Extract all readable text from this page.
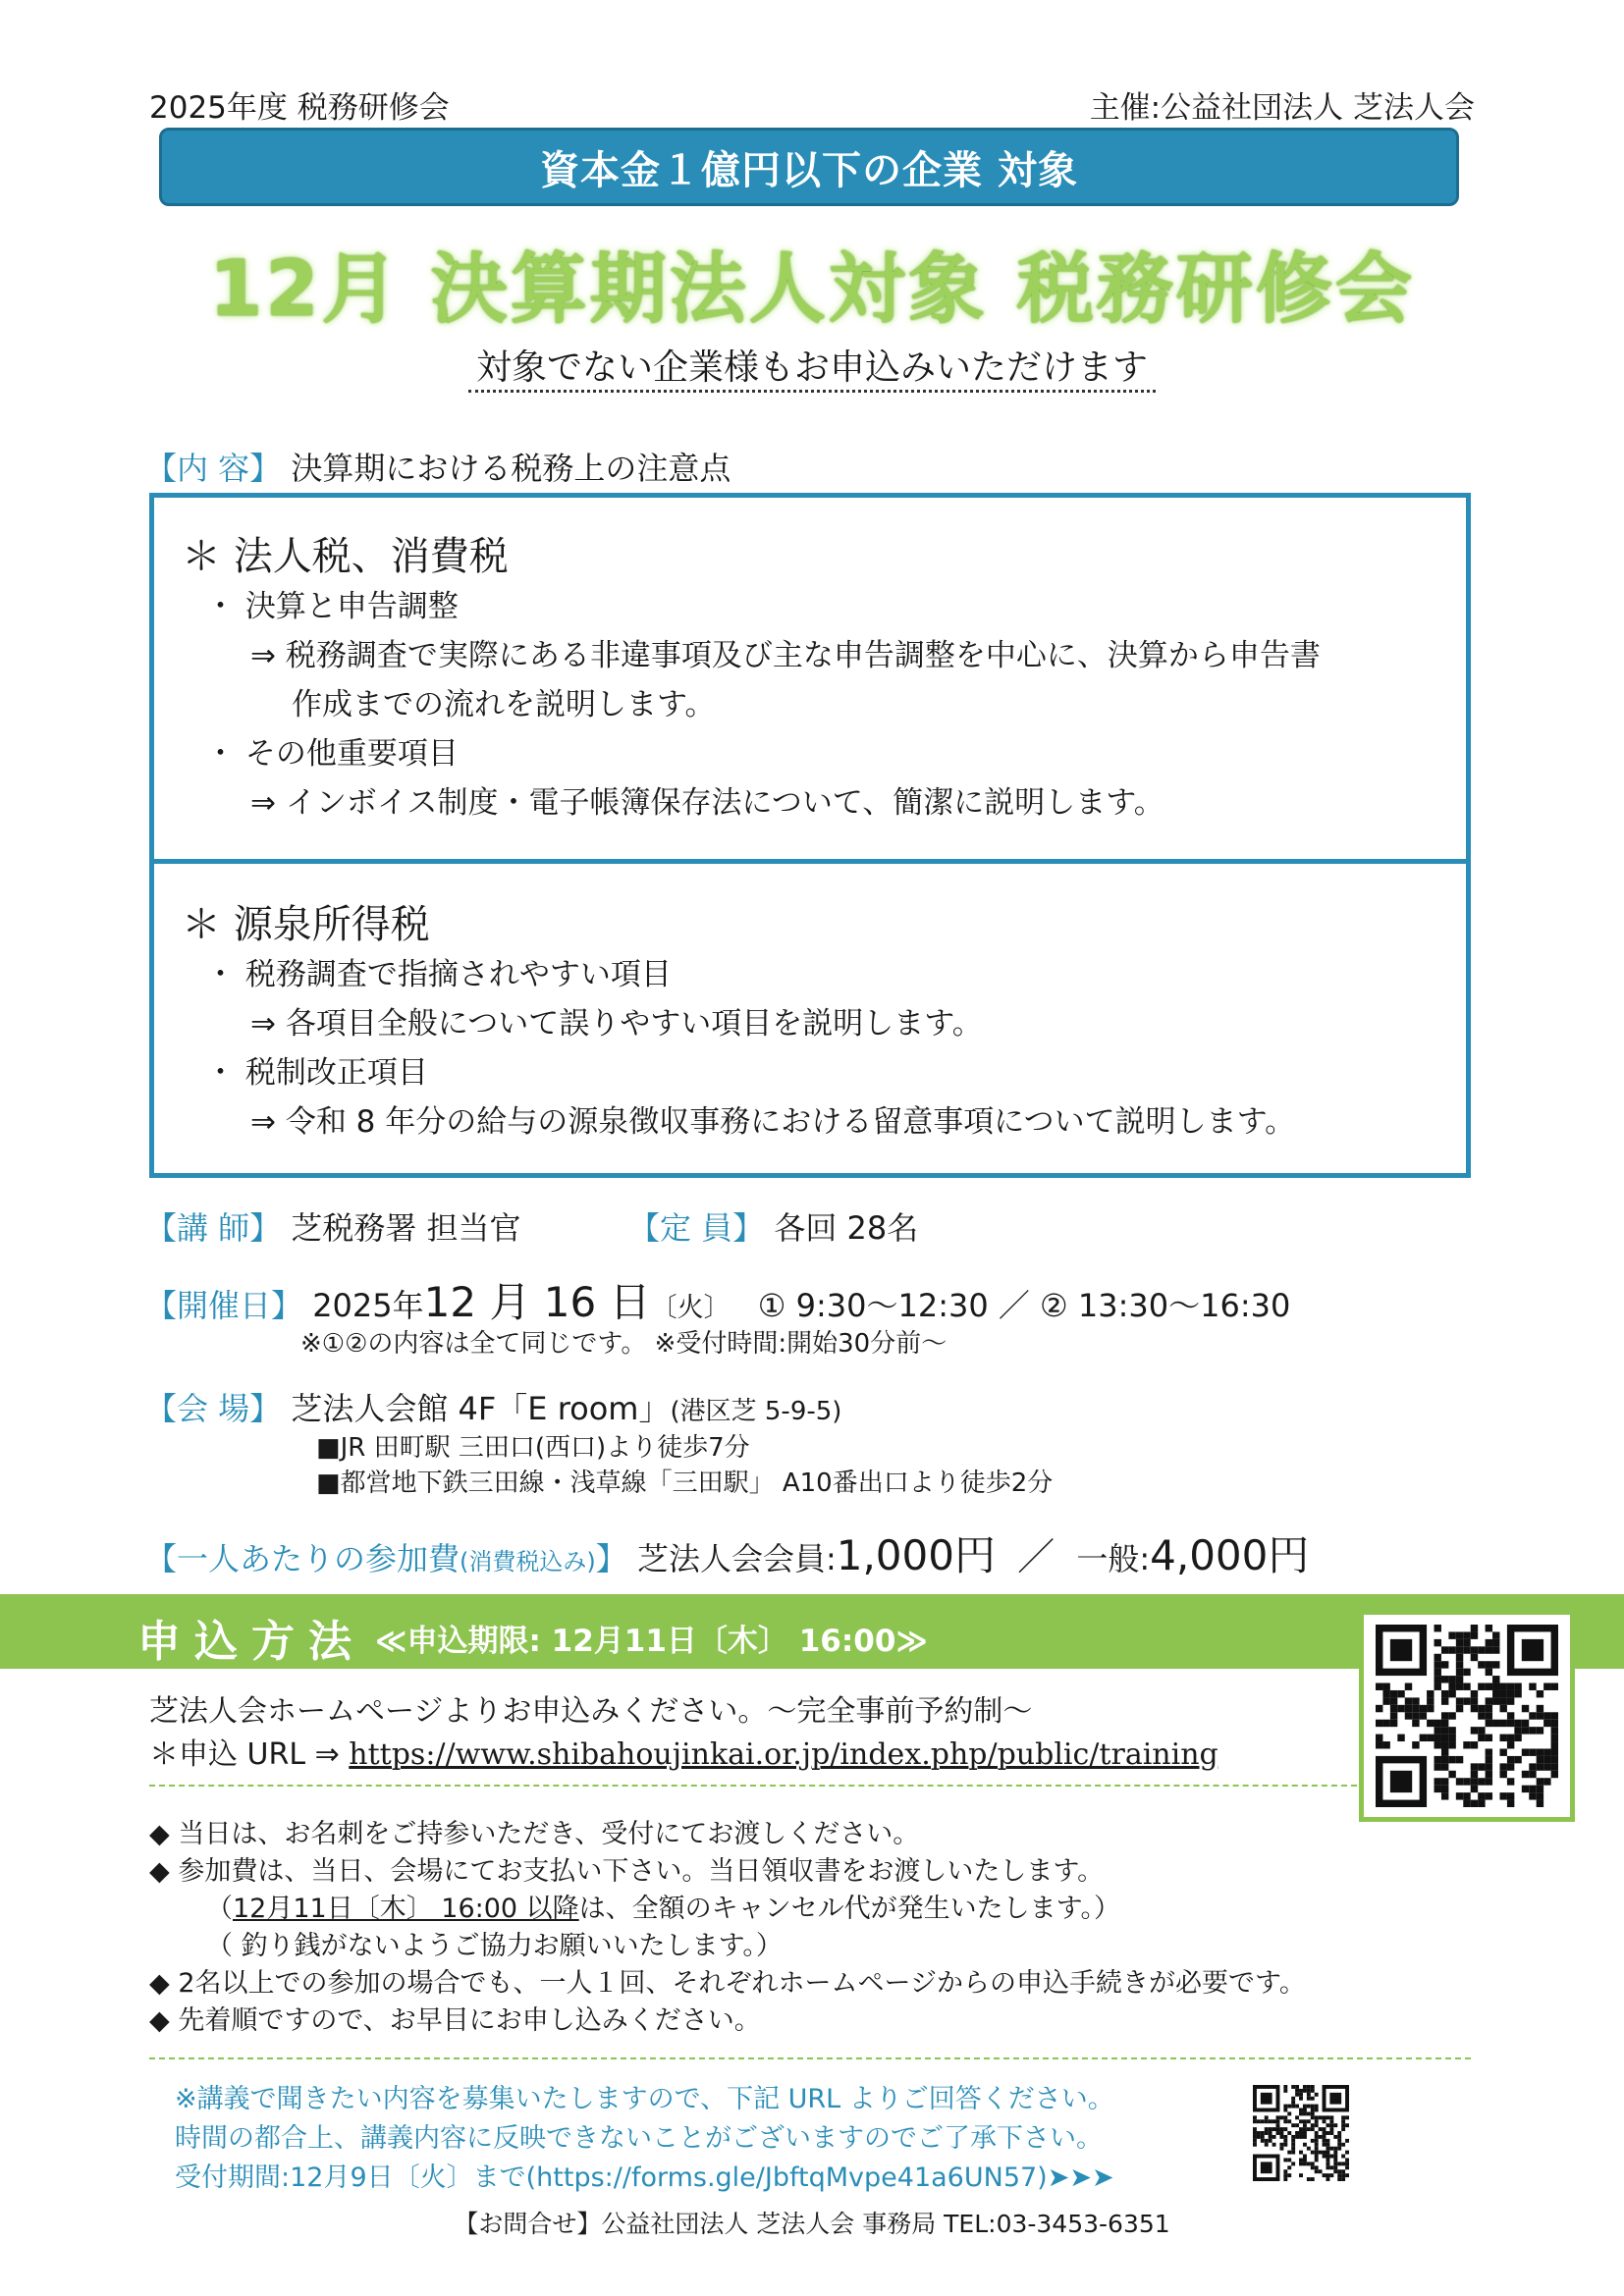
2025年度 税務研修会	主催:公益社団法人 芝法人会
資本金１億円以下の企業 対象
12月 決算期法人対象 税務研修会
対象でない企業様もお申込みいただけます
【内 容】 決算期における税務上の注意点
＊ 法人税、消費税
・ 決算と申告調整
⇒ 税務調査で実際にある非違事項及び主な申告調整を中心に、決算から申告書
作成までの流れを説明します。
・ その他重要項目
⇒ インボイス制度・電子帳簿保存法について、簡潔に説明します。
＊ 源泉所得税
・ 税務調査で指摘されやすい項目
⇒ 各項目全般について誤りやすい項目を説明します。
・ 税制改正項目
⇒ 令和 8 年分の給与の源泉徴収事務における留意事項について説明します。
【講 師】 芝税務署 担当官	【定 員】 各回 28名
【開催日】 2025年12 月 16 日〔火〕 ① 9:30～12:30 ／ ② 13:30～16:30
※①②の内容は全て同じです。 ※受付時間:開始30分前～
【会 場】 芝法人会館 4F「E room」(港区芝 5-9-5)
■JR 田町駅 三田口(西口)より徒歩7分
■都営地下鉄三田線・浅草線「三田駅」 A10番出口より徒歩2分
【一人あたりの参加費(消費税込み)】 芝法人会会員:1,000円 ／ 一般:4,000円
申込方法 ≪申込期限: 12月11日〔木〕 16:00≫
芝法人会ホームページよりお申込みください。～完全事前予約制～
＊申込 URL ⇒ https://www.shibahoujinkai.or.jp/index.php/public/training
◆ 当日は、お名刺をご持参いただき、受付にてお渡しください。
◆ 参加費は、当日、会場にてお支払い下さい。当日領収書をお渡しいたします。
（12月11日〔木〕 16:00 以降は、全額のキャンセル代が発生いたします。）
（ 釣り銭がないようご協力お願いいたします。）
◆ 2名以上での参加の場合でも、一人１回、それぞれホームページからの申込手続きが必要です。
◆ 先着順ですので、お早目にお申し込みください。
※講義で聞きたい内容を募集いたしますので、下記 URL よりご回答ください。
時間の都合上、講義内容に反映できないことがございますのでご了承下さい。
受付期間:12月9日〔火〕まで(https://forms.gle/JbftqMvpe41a6UN57)➤➤➤
【お問合せ】公益社団法人 芝法人会 事務局 TEL:03-3453-6351
